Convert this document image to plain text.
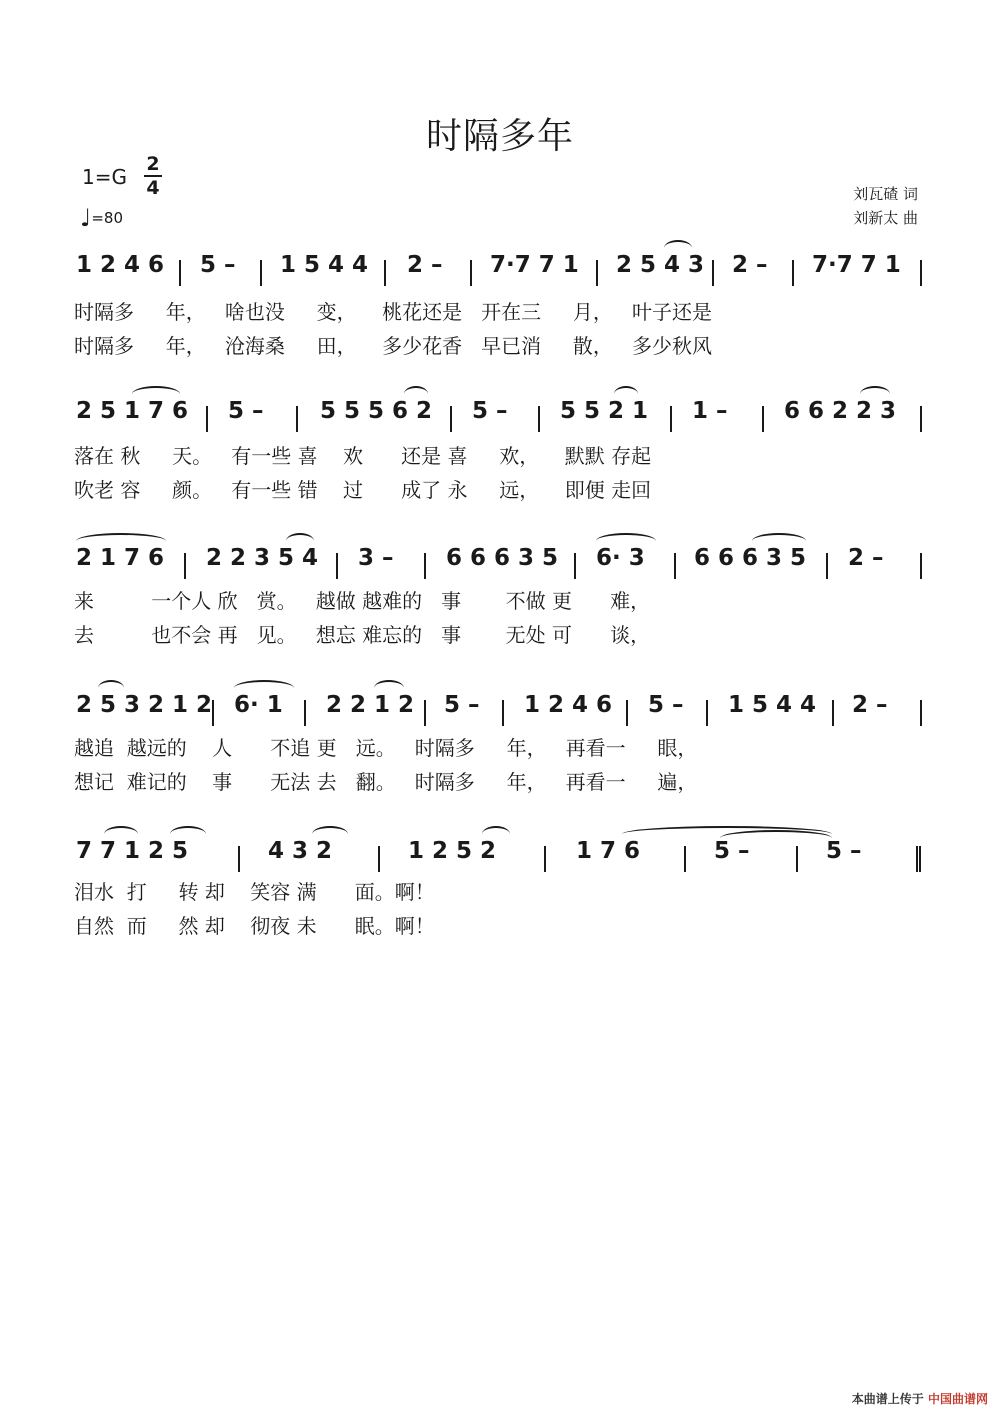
时隔多年
1=G
2
4
♩=80
刘瓦碴 词
刘新太 曲
1 2 4 6 5 – 1 5 4 4 2 – 7·7 7 1 2 5 4 3 2 – 7·7 7 1
时隔多     年，   啥也没     变，    桃花还是   开在三     月，   叶子还是
时隔多     年，   沧海桑     田，    多少花香   早已消     散，   多少秋风
2 5 1 7 6 5 – 5 5 5 6 2 5 – 5 5 2 1 1 – 6 6 2 2 3
落在 秋     天。   有一些 喜    欢      还是 喜     欢，    默默 存起
吹老 容     颜。   有一些 错    过      成了 永     远，    即便 走回
2 1 7 6 2 2 3 5 4 3 – 6 6 6 3 5 6· 3 6 6 6 3 5 2 –
来         一个人 欣   赏。   越做 越难的   事       不做 更      难，
去         也不会 再   见。   想忘 难忘的   事       无处 可      谈，
2 5 3 2 1 2 6· 1 2 2 1 2 5 – 1 2 4 6 5 – 1 5 4 4 2 –
越追  越远的    人      不追 更   远。   时隔多     年，   再看一     眼，
想记  难记的    事      无法 去   翻。   时隔多     年，   再看一     遍，
7 7 1 2 5	4 3 2	1 2 5 2	1 7 6	5 –	5 –
泪水  打     转 却    笑容 满      面。啊！
自然  而     然 却    彻夜 未      眠。啊！
本曲谱上传于 中国曲谱网
